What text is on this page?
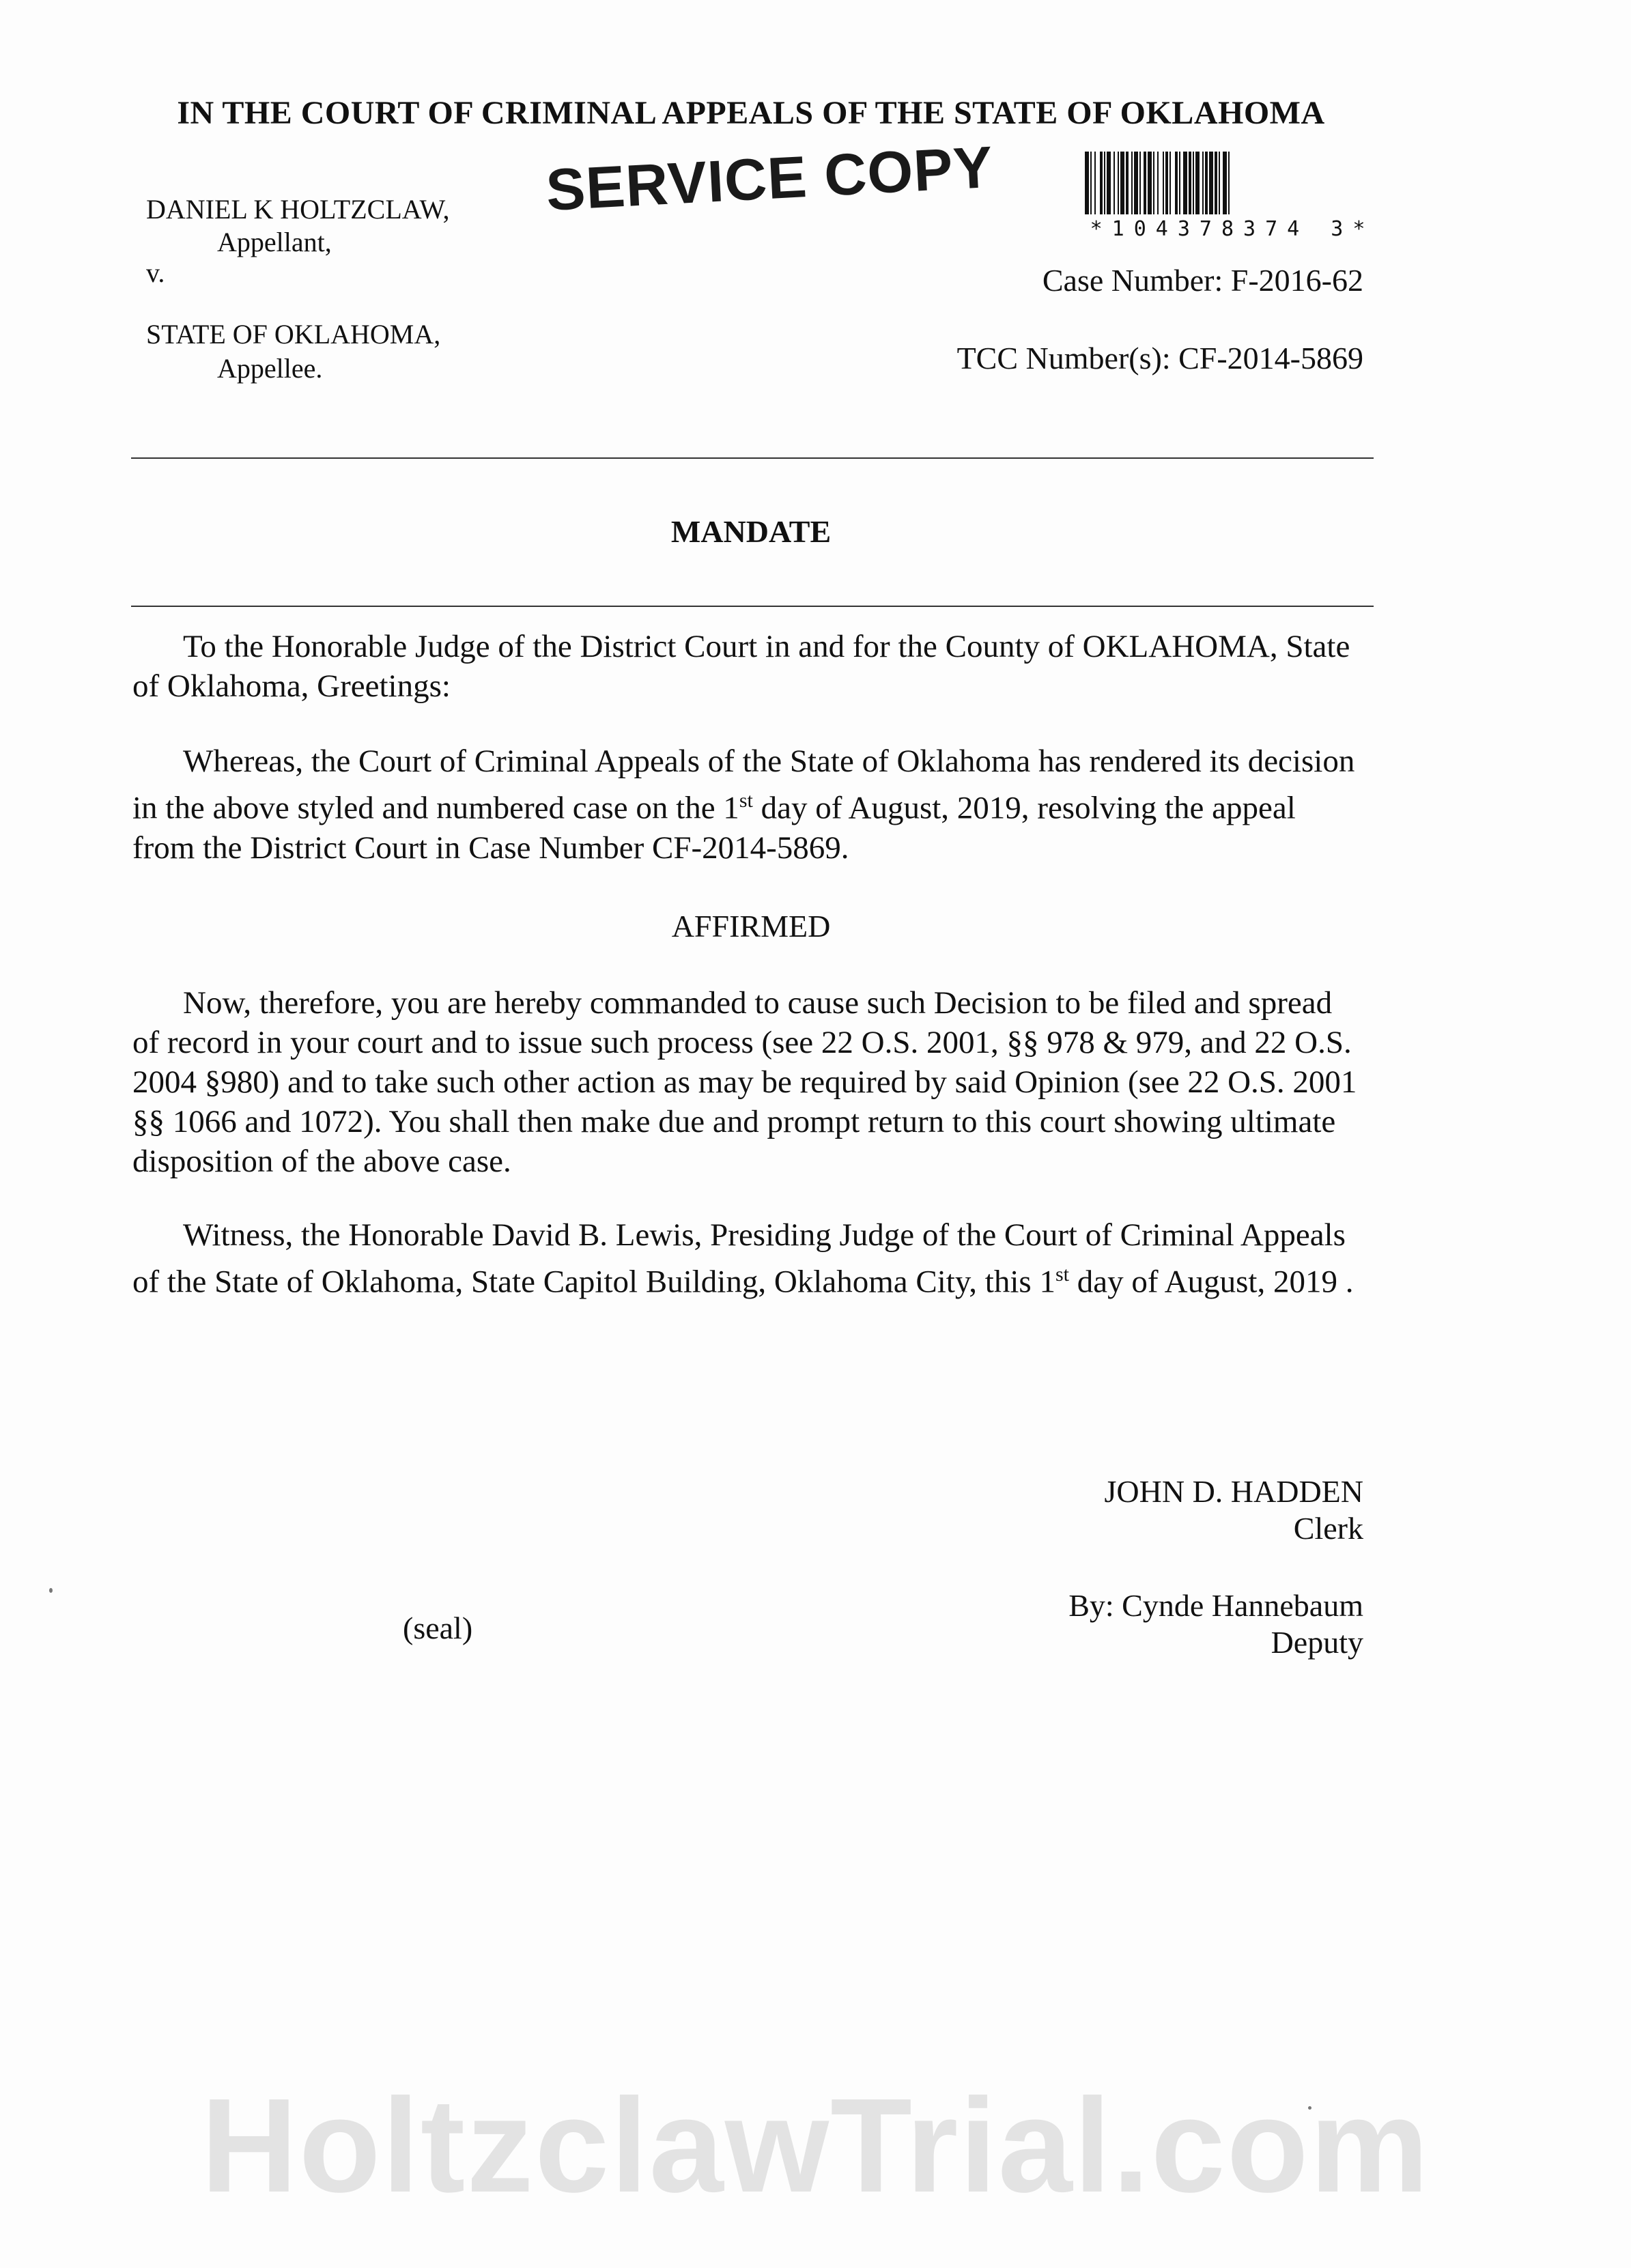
IN THE COURT OF CRIMINAL APPEALS OF THE STATE OF OKLAHOMA
DANIEL K HOLTZCLAW,
Appellant,
v.
STATE OF OKLAHOMA,
Appellee.
SERVICE COPY
*104378374 3*
Case Number: F-2016-62
TCC Number(s): CF-2014-5869
MANDATE
To the Honorable Judge of the District Court in and for the County of OKLAHOMA, State of Oklahoma, Greetings:
Whereas, the Court of Criminal Appeals of the State of Oklahoma has rendered its decision in the above styled and numbered case on the 1st day of August, 2019, resolving the appeal from the District Court in Case Number CF-2014-5869.
AFFIRMED
Now, therefore, you are hereby commanded to cause such Decision to be filed and spread of record in your court and to issue such process (see 22 O.S. 2001, §§ 978 & 979, and 22 O.S. 2004 §980) and to take such other action as may be required by said Opinion (see 22 O.S. 2001 §§ 1066 and 1072). You shall then make due and prompt return to this court showing ultimate disposition of the above case.
Witness, the Honorable David B. Lewis, Presiding Judge of the Court of Criminal Appeals of the State of Oklahoma, State Capitol Building, Oklahoma City, this 1st day of August, 2019 .
JOHN D. HADDEN
Clerk
By: Cynde Hannebaum
Deputy
(seal)
HoltzclawTrial.com
